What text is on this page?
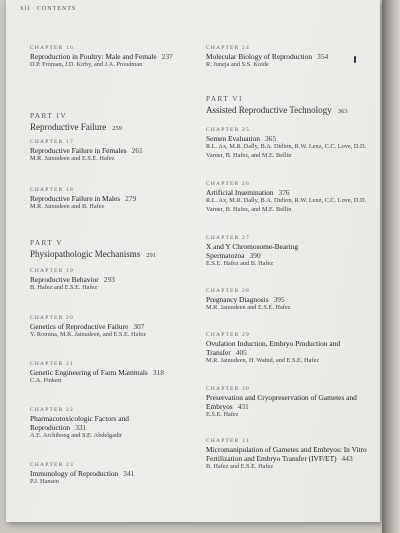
xii CONTENTS
CHAPTER 16
Reproduction in Poultry: Male and Female 237
D.P. Froman, J.D. Kirby, and J.A. Proudman
PART IV
Reproductive Failure 259
CHAPTER 17
Reproductive Failure in Females 261
M.R. Jainudeen and E.S.E. Hafez
CHAPTER 18
Reproductive Failure in Males 279
M.R. Jainudeen and B. Hafez
PART V
Physiopathologic Mechanisms 291
CHAPTER 19
Reproductive Behavior 293
B. Hafez and E.S.E. Hafez
CHAPTER 20
Genetics of Reproductive Failure 307
Y. Romina, M.R. Jainudeen, and E.S.E. Hafez
CHAPTER 21
Genetic Engineering of Farm Mammals 318
C.A. Pinkert
CHAPTER 22
Pharmacotoxicologic Factors and Reproduction 331
A.E. Archibong and S.E. Abdelgadir
CHAPTER 23
Immunology of Reproduction 341
P.J. Hansen
CHAPTER 24
Molecular Biology of Reproduction 354
R. Juneja and S.S. Koide
PART VI
Assisted Reproductive Technology 363
CHAPTER 25
Semen Evaluation 365
R.L. Ax, M.R. Dally, B.A. Didion, R.W. Lenz, C.C. Love, D.D. Varner, B. Hafez, and M.E. Bellin
CHAPTER 26
Artificial Insemination 376
R.L. Ax, M.R. Dally, B.A. Didion, R.W. Lenz, C.C. Love, D.D. Varner, B. Hafez, and M.E. Bellin
CHAPTER 27
X and Y Chromosome-Bearing Spermatozoa 390
E.S.E. Hafez and B. Hafez
CHAPTER 28
Pregnancy Diagnosis 395
M.R. Jainudeen and E.S.E. Hafez
CHAPTER 29
Ovulation Induction, Embryo Production and Transfer 405
M.R. Jainudeen, H. Wahid, and E.S.E. Hafez
CHAPTER 30
Preservation and Cryopreservation of Gametes and Embryos 431
E.S.E. Hafez
CHAPTER 31
Micromanipulation of Gametes and Embryos: In Vitro Fertilization and Embryo Transfer (IVF/ET) 443
B. Hafez and E.S.E. Hafez
